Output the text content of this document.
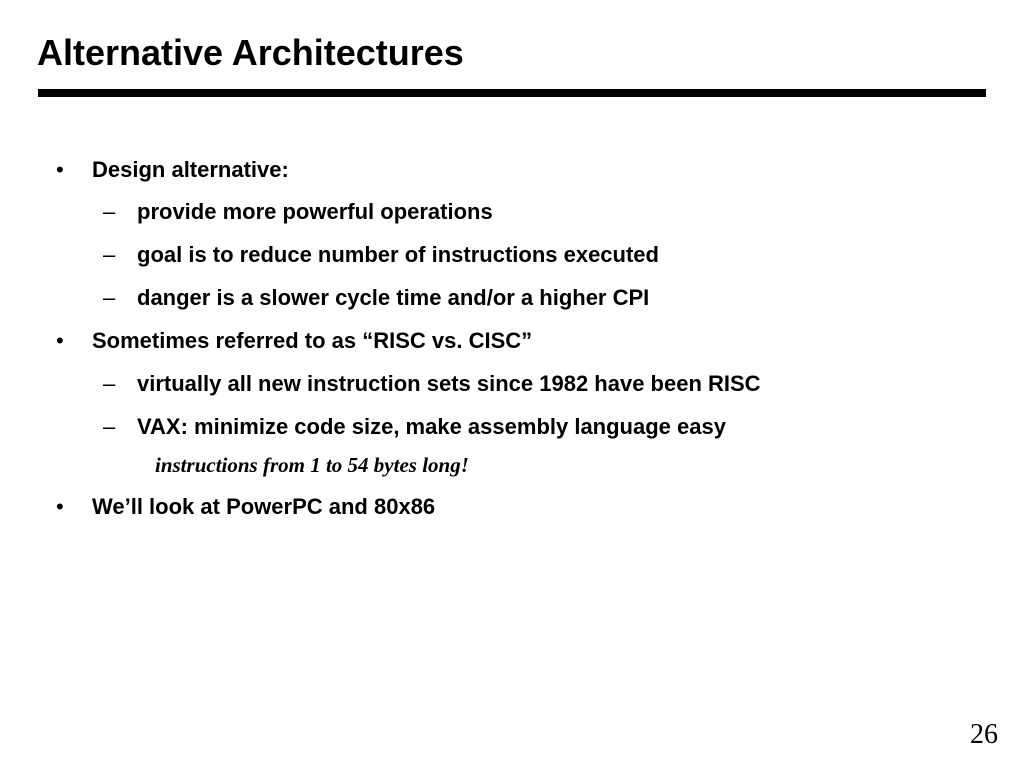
Alternative Architectures
• Design alternative:
– provide more powerful operations
– goal is to reduce number of instructions executed
– danger is a slower cycle time and/or a higher CPI
• Sometimes referred to as “RISC vs. CISC”
– virtually all new instruction sets since 1982 have been RISC
– VAX: minimize code size, make assembly language easy
instructions from 1 to 54 bytes long!
• We’ll look at PowerPC and 80x86
26
